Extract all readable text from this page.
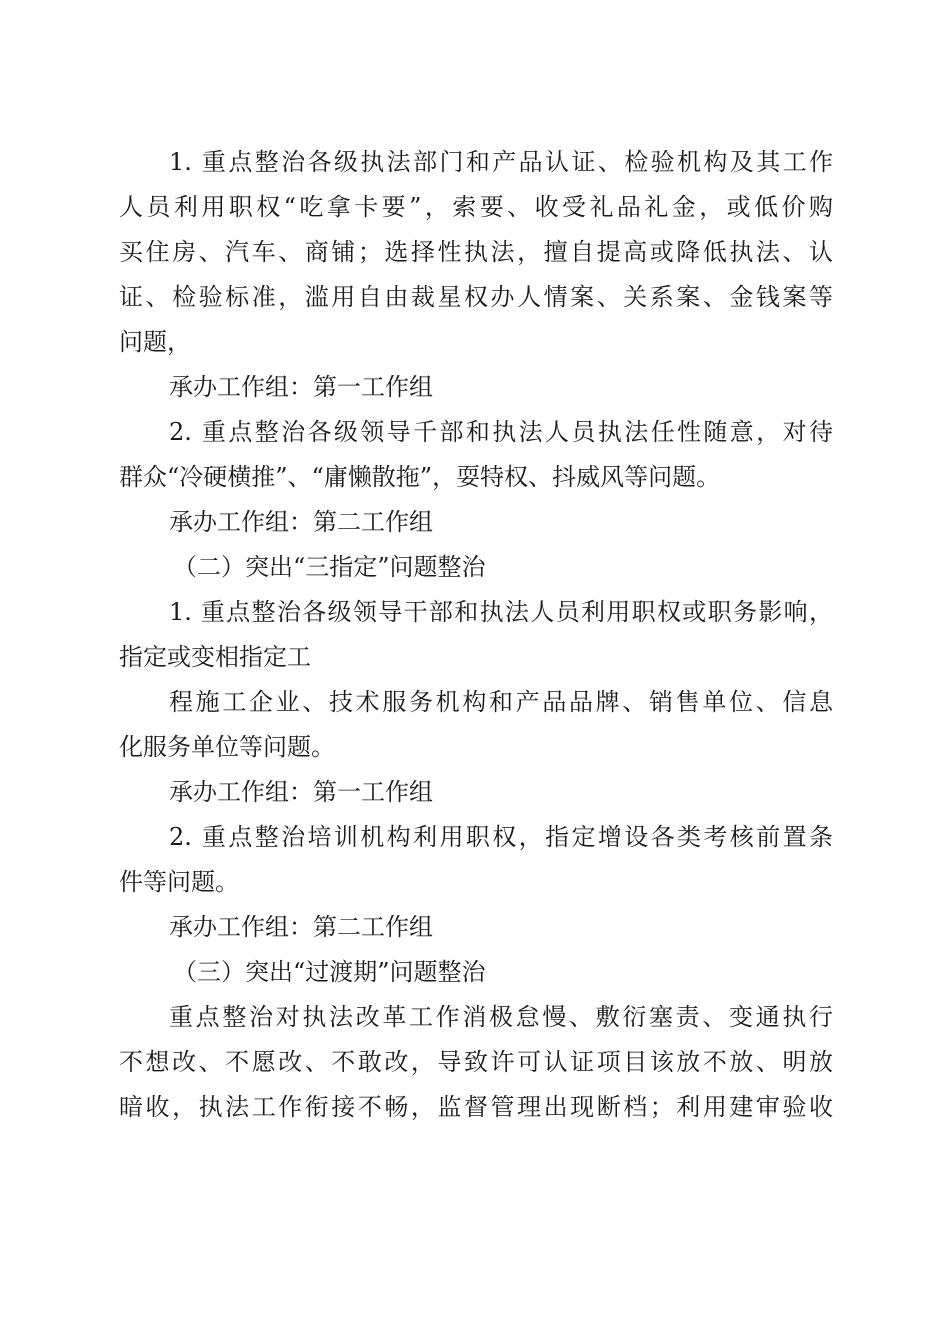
1. 重点整治各级执法部门和产品认证、检验机构及其工作
人员利用职权“吃拿卡要”，索要、收受礼品礼金，或低价购
买住房、汽车、商铺；选择性执法，擅自提高或降低执法、认
证、检验标准，滥用自由裁星权办人情案、关系案、金钱案等
问题，
承办工作组：第一工作组
2. 重点整治各级领导千部和执法人员执法任性随意，对待
群众“冷硬横推”、“庸懒散拖”，耍特权、抖威风等问题。
承办工作组：第二工作组
（二）突出“三指定”问题整治
1. 重点整治各级领导干部和执法人员利用职权或职务影响，
指定或变相指定工
程施工企业、技术服务机构和产品品牌、销售单位、信息
化服务单位等问题。
承办工作组：第一工作组
2. 重点整治培训机构利用职权，指定增设各类考核前置条
件等问题。
承办工作组：第二工作组
（三）突出“过渡期”问题整治
重点整治对执法改革工作消极怠慢、敷衍塞责、变通执行
不想改、不愿改、不敢改，导致许可认证项目该放不放、明放
暗收，执法工作衔接不畅，监督管理出现断档；利用建审验收
